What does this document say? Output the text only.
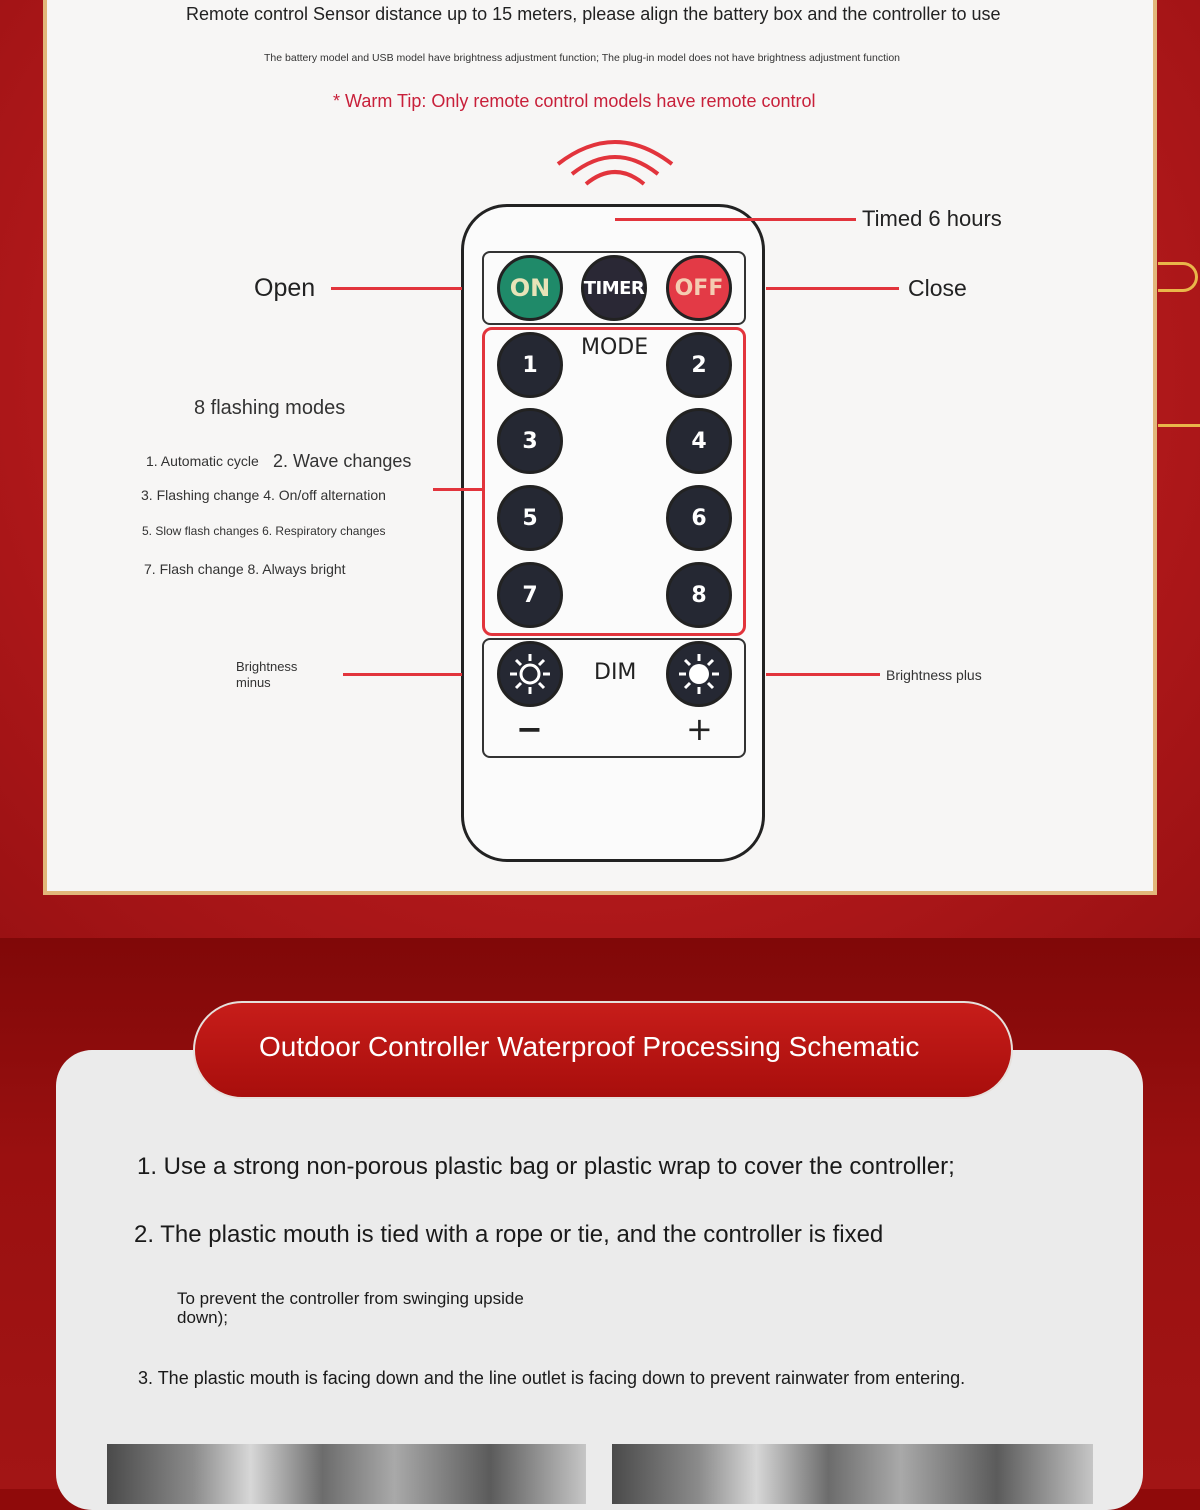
Remote control Sensor distance up to 15 meters, please align the battery box and the controller to use
The battery model and USB model have brightness adjustment function; The plug-in model does not have brightness adjustment function
* Warm Tip: Only remote control models have remote control
ON	TIMER	OFF
MODE
1	2
3	4
5	6
7	8
DIM
−	+
Timed 6 hours
Open	Close
8 flashing modes
1. Automatic cycle 2. Wave changes
3. Flashing change 4. On/off alternation
5. Slow flash changes 6. Respiratory changes
7. Flash change 8. Always bright
Brightness
minus	Brightness plus
Outdoor Controller Waterproof Processing Schematic
1. Use a strong non-porous plastic bag or plastic wrap to cover the controller;
2. The plastic mouth is tied with a rope or tie, and the controller is fixed
To prevent the controller from swinging upside
down);
3. The plastic mouth is facing down and the line outlet is facing down to prevent rainwater from entering.
